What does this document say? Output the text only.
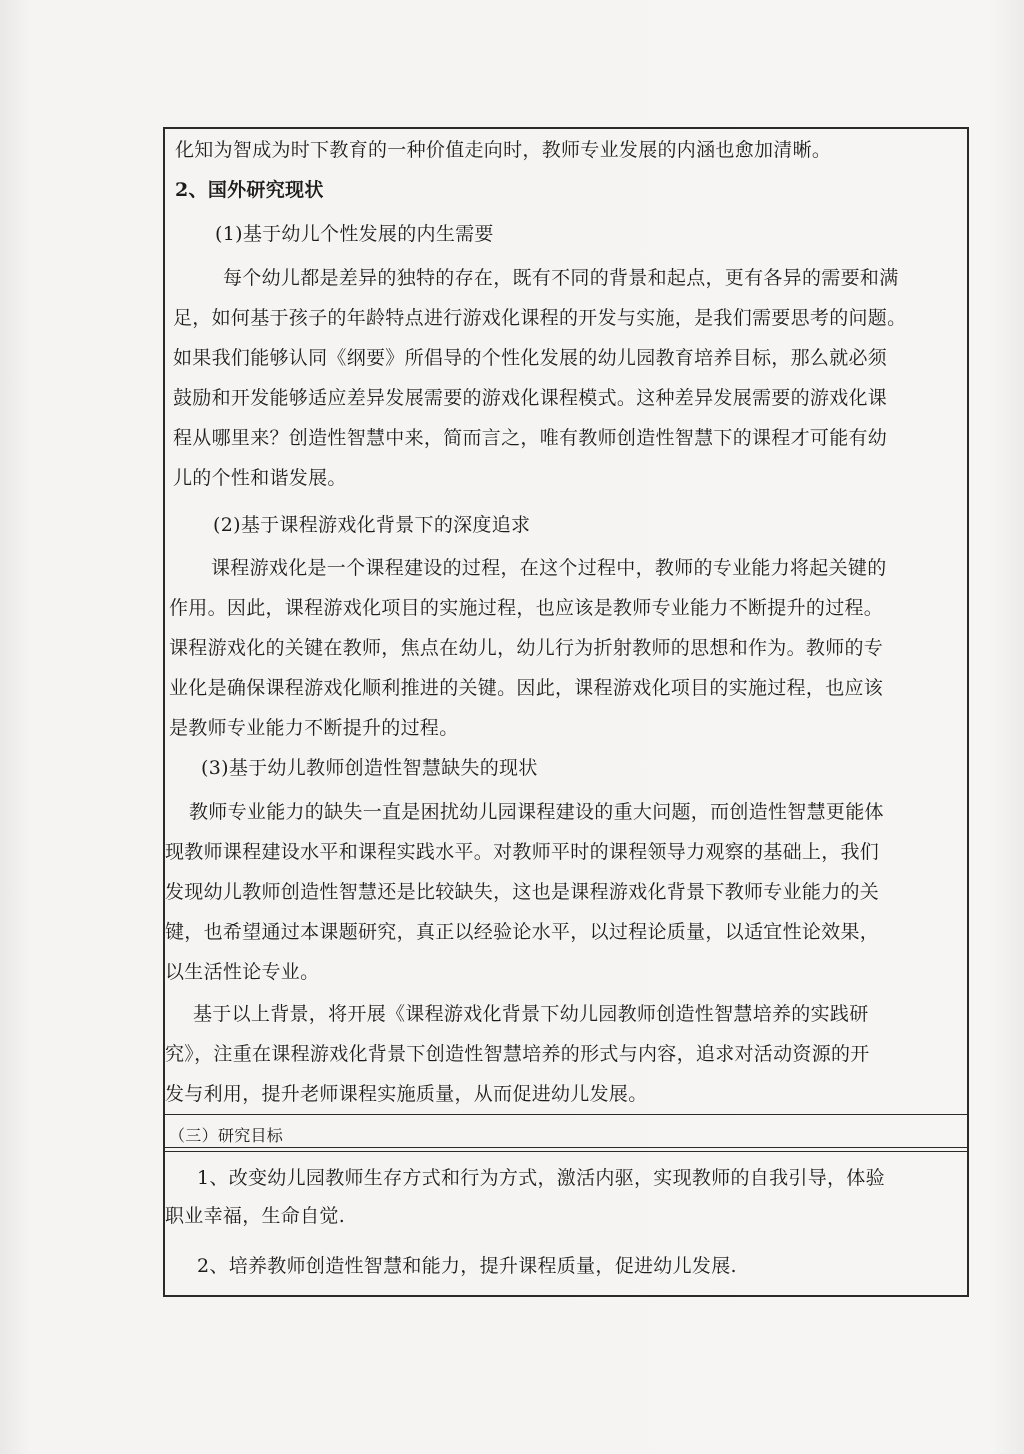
化知为智成为时下教育的一种价值走向时，教师专业发展的内涵也愈加清晰。
2、国外研究现状
(1)基于幼儿个性发展的内生需要
每个幼儿都是差异的独特的存在，既有不同的背景和起点，更有各异的需要和满
足，如何基于孩子的年龄特点进行游戏化课程的开发与实施，是我们需要思考的问题。
如果我们能够认同《纲要》所倡导的个性化发展的幼儿园教育培养目标，那么就必须
鼓励和开发能够适应差异发展需要的游戏化课程模式。这种差异发展需要的游戏化课
程从哪里来？创造性智慧中来，简而言之，唯有教师创造性智慧下的课程才可能有幼
儿的个性和谐发展。
(2)基于课程游戏化背景下的深度追求
课程游戏化是一个课程建设的过程，在这个过程中，教师的专业能力将起关键的
作用。因此，课程游戏化项目的实施过程，也应该是教师专业能力不断提升的过程。
课程游戏化的关键在教师，焦点在幼儿，幼儿行为折射教师的思想和作为。教师的专
业化是确保课程游戏化顺利推进的关键。因此，课程游戏化项目的实施过程，也应该
是教师专业能力不断提升的过程。
(3)基于幼儿教师创造性智慧缺失的现状
教师专业能力的缺失一直是困扰幼儿园课程建设的重大问题，而创造性智慧更能体
现教师课程建设水平和课程实践水平。对教师平时的课程领导力观察的基础上，我们
发现幼儿教师创造性智慧还是比较缺失，这也是课程游戏化背景下教师专业能力的关
键，也希望通过本课题研究，真正以经验论水平，以过程论质量，以适宜性论效果，
以生活性论专业。
基于以上背景，将开展《课程游戏化背景下幼儿园教师创造性智慧培养的实践研
究》，注重在课程游戏化背景下创造性智慧培养的形式与内容，追求对活动资源的开
发与利用，提升老师课程实施质量，从而促进幼儿发展。
（三）研究目标
1、改变幼儿园教师生存方式和行为方式，激活内驱，实现教师的自我引导，体验
职业幸福，生命自觉.
2、培养教师创造性智慧和能力，提升课程质量，促进幼儿发展.
